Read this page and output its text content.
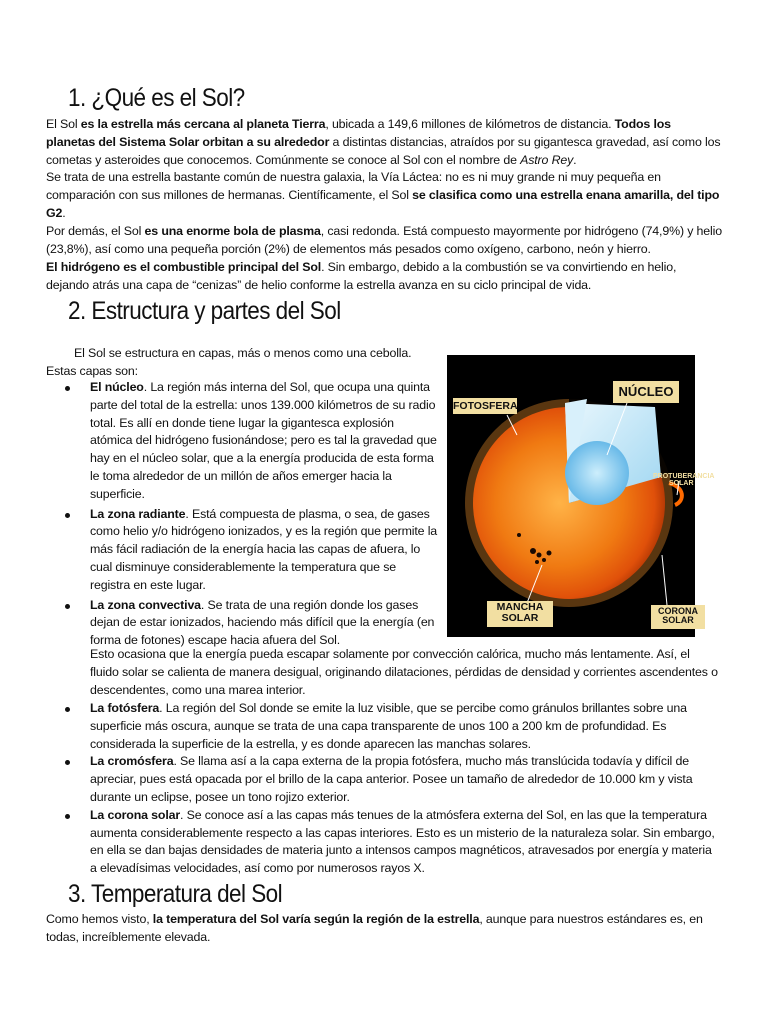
1. ¿Qué es el Sol?

El Sol es la estrella más cercana al planeta Tierra, ubicada a 149,6 millones de kilómetros de distancia. Todos los planetas del Sistema Solar orbitan a su alrededor a distintas distancias, atraídos por su gigantesca gravedad, así como los cometas y asteroides que conocemos. Comúnmente se conoce al Sol con el nombre de Astro Rey.

Se trata de una estrella bastante común de nuestra galaxia, la Vía Láctea: no es ni muy grande ni muy pequeña en comparación con sus millones de hermanas. Científicamente, el Sol se clasifica como una estrella enana amarilla, del tipo G2.

Por demás, el Sol es una enorme bola de plasma, casi redonda. Está compuesto mayormente por hidrógeno (74,9%) y helio (23,8%), así como una pequeña porción (2%) de elementos más pesados como oxígeno, carbono, neón y hierro.

El hidrógeno es el combustible principal del Sol. Sin embargo, debido a la combustión se va convirtiendo en helio, dejando atrás una capa de “cenizas” de helio conforme la estrella avanza en su ciclo principal de vida.

2. Estructura y partes del Sol

El Sol se estructura en capas, más o menos como una cebolla. Estas capas son:

El núcleo. La región más interna del Sol, que ocupa una quinta parte del total de la estrella: unos 139.000 kilómetros de su radio total. Es allí en donde tiene lugar la gigantesca explosión atómica del hidrógeno fusionándose; pero es tal la gravedad que hay en el núcleo solar, que a la energía producida de esta forma le toma alrededor de un millón de años emerger hacia la superficie.
La zona radiante. Está compuesta de plasma, o sea, de gases como helio y/o hidrógeno ionizados, y es la región que permite la más fácil radiación de la energía hacia las capas de afuera, lo cual disminuye considerablemente la temperatura que se registra en este lugar.
La zona convectiva. Se trata de una región donde los gases dejan de estar ionizados, haciendo más difícil que la energía (en forma de fotones) escape hacia afuera del Sol.

Esto ocasiona que la energía pueda escapar solamente por convección calórica, mucho más lentamente. Así, el fluido solar se calienta de manera desigual, originando dilataciones, pérdidas de densidad y corrientes ascendentes o descendentes, como una marea interior.

La fotósfera. La región del Sol donde se emite la luz visible, que se percibe como gránulos brillantes sobre una superficie más oscura, aunque se trata de una capa transparente de unos 100 a 200 km de profundidad. Es considerada la superficie de la estrella, y es donde aparecen las manchas solares.
La cromósfera. Se llama así a la capa externa de la propia fotósfera, mucho más translúcida todavía y difícil de apreciar, pues está opacada por el brillo de la capa anterior. Posee un tamaño de alrededor de 10.000 km y vista durante un eclipse, posee un tono rojizo exterior.
La corona solar. Se conoce así a las capas más tenues de la atmósfera externa del Sol, en las que la temperatura aumenta considerablemente respecto a las capas interiores. Esto es un misterio de la naturaleza solar. Sin embargo, en ella se dan bajas densidades de materia junto a intensos campos magnéticos, atravesados por energía y materia a elevadísimas velocidades, así como por numerosos rayos X.
FOTOSFERA
NÚCLEO
PROTUBERANCIA
SOLAR
MANCHA
SOLAR
CORONA
SOLAR
3. Temperatura del Sol

Como hemos visto, la temperatura del Sol varía según la región de la estrella, aunque para nuestros estándares es, en todas, increíblemente elevada.
